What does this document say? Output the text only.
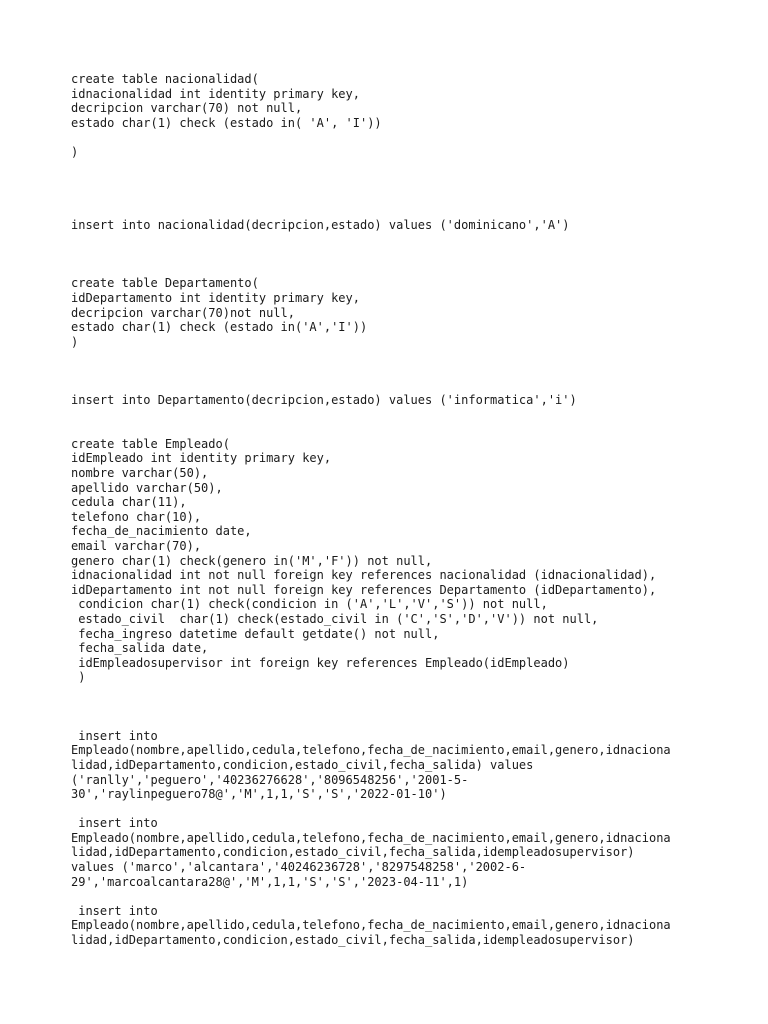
create table nacionalidad(
idnacionalidad int identity primary key,
decripcion varchar(70) not null,
estado char(1) check (estado in( 'A', 'I'))

)

insert into nacionalidad(decripcion,estado) values ('dominicano','A')

create table Departamento(
idDepartamento int identity primary key,
decripcion varchar(70)not null,
estado char(1) check (estado in('A','I'))
)

insert into Departamento(decripcion,estado) values ('informatica','i')

create table Empleado(
idEmpleado int identity primary key,
nombre varchar(50),
apellido varchar(50),
cedula char(11),
telefono char(10),
fecha_de_nacimiento date,
email varchar(70),
genero char(1) check(genero in('M','F')) not null,
idnacionalidad int not null foreign key references nacionalidad (idnacionalidad),
idDepartamento int not null foreign key references Departamento (idDepartamento),
condicion char(1) check(condicion in ('A','L','V','S')) not null,
estado_civil  char(1) check(estado_civil in ('C','S','D','V')) not null,
fecha_ingreso datetime default getdate() not null,
fecha_salida date,
idEmpleadosupervisor int foreign key references Empleado(idEmpleado)
)

insert into
Empleado(nombre,apellido,cedula,telefono,fecha_de_nacimiento,email,genero,idnaciona
lidad,idDepartamento,condicion,estado_civil,fecha_salida) values
('ranlly','peguero','40236276628','8096548256','2001-5-
30','raylinpeguero78@','M',1,1,'S','S','2022-01-10')

insert into
Empleado(nombre,apellido,cedula,telefono,fecha_de_nacimiento,email,genero,idnaciona
lidad,idDepartamento,condicion,estado_civil,fecha_salida,idempleadosupervisor)
values ('marco','alcantara','40246236728','8297548258','2002-6-
29','marcoalcantara28@','M',1,1,'S','S','2023-04-11',1)

insert into
Empleado(nombre,apellido,cedula,telefono,fecha_de_nacimiento,email,genero,idnaciona
lidad,idDepartamento,condicion,estado_civil,fecha_salida,idempleadosupervisor)
